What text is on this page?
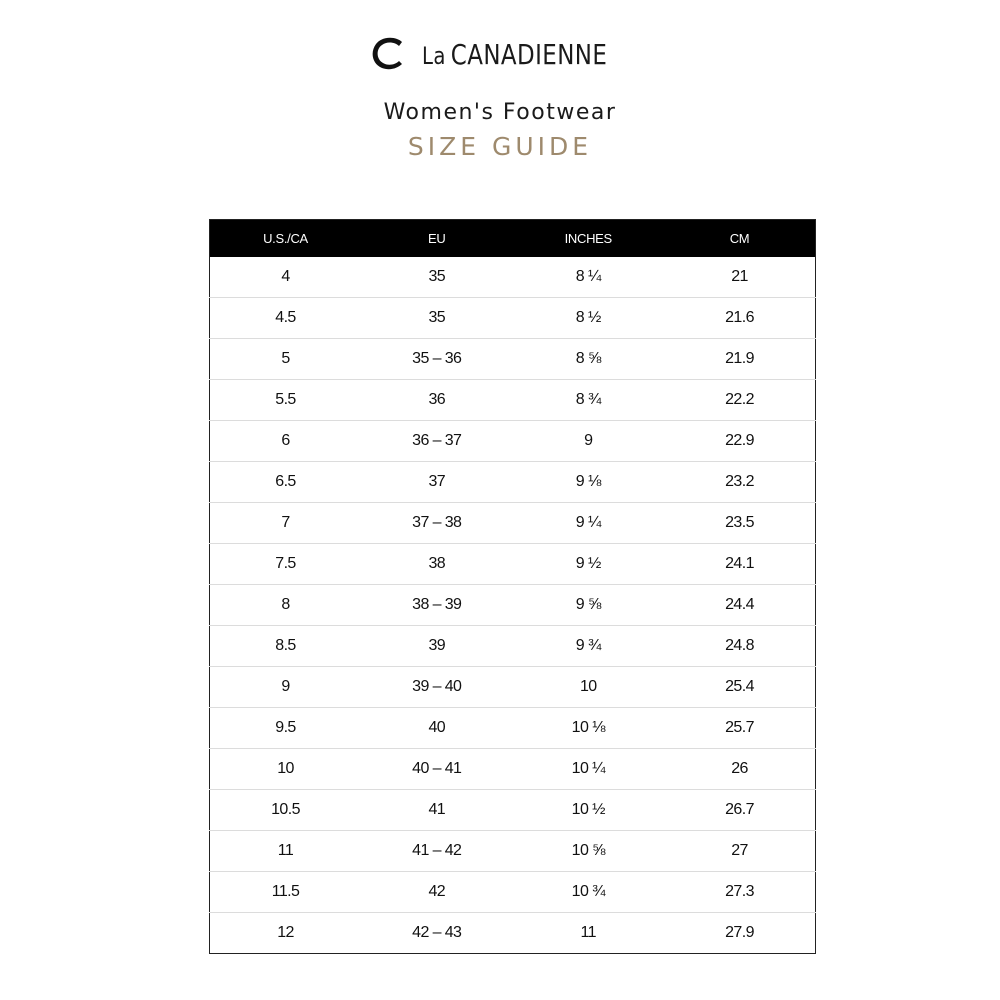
La CANADIENNE
Women's Footwear
SIZE GUIDE
U.S./CA	EU	INCHES	CM
4	35	8 ¼	21
4.5	35	8 ½	21.6
5	35 – 36	8 ⅝	21.9
5.5	36	8 ¾	22.2
6	36 – 37	9	22.9
6.5	37	9 ⅛	23.2
7	37 – 38	9 ¼	23.5
7.5	38	9 ½	24.1
8	38 – 39	9 ⅝	24.4
8.5	39	9 ¾	24.8
9	39 – 40	10	25.4
9.5	40	10 ⅛	25.7
10	40 – 41	10 ¼	26
10.5	41	10 ½	26.7
11	41 – 42	10 ⅝	27
11.5	42	10 ¾	27.3
12	42 – 43	11	27.9
